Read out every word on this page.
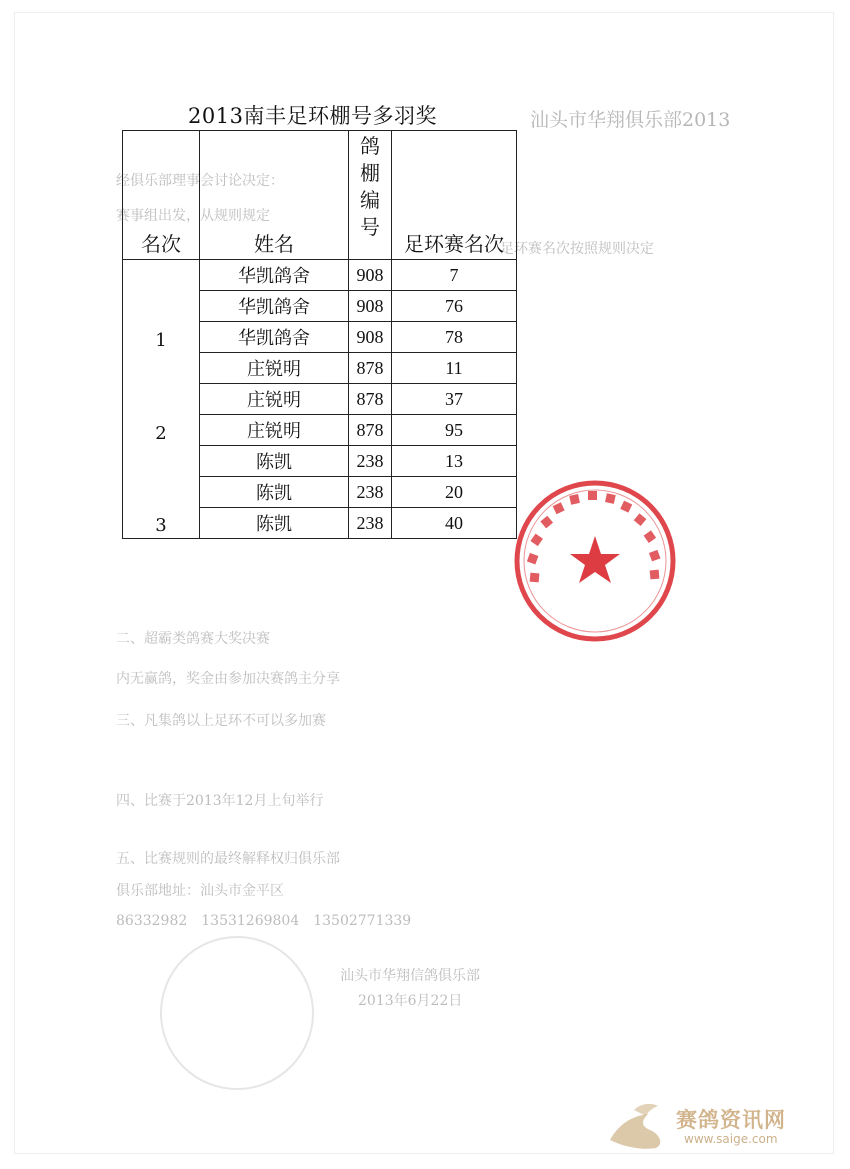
汕头市华翔俱乐部2013
经俱乐部理事会讨论决定：
赛事组出发，从规则规定
足环赛名次按照规则决定
二、超霸类鸽赛大奖决赛
内无赢鸽，奖金由参加决赛鸽主分享
三、凡集鸽以上足环不可以多加赛
四、比赛于2013年12月上旬举行
五、比赛规则的最终解释权归俱乐部
俱乐部地址：汕头市金平区
86332982　13531269804　13502771339
汕头市华翔信鸽俱乐部
2013年6月22日
2013南丰足环棚号多羽奖
名次	姓名	鸽
棚
编
号	足环赛名次
1	华凯鸽舍	908	7
	华凯鸽舍	908	76
	华凯鸽舍	908	78
2	庄锐明	878	11
	庄锐明	878	37
	庄锐明	878	95
3	陈凯	238	13
	陈凯	238	20
	陈凯	238	40
赛鸽资讯网
www.saige.com
